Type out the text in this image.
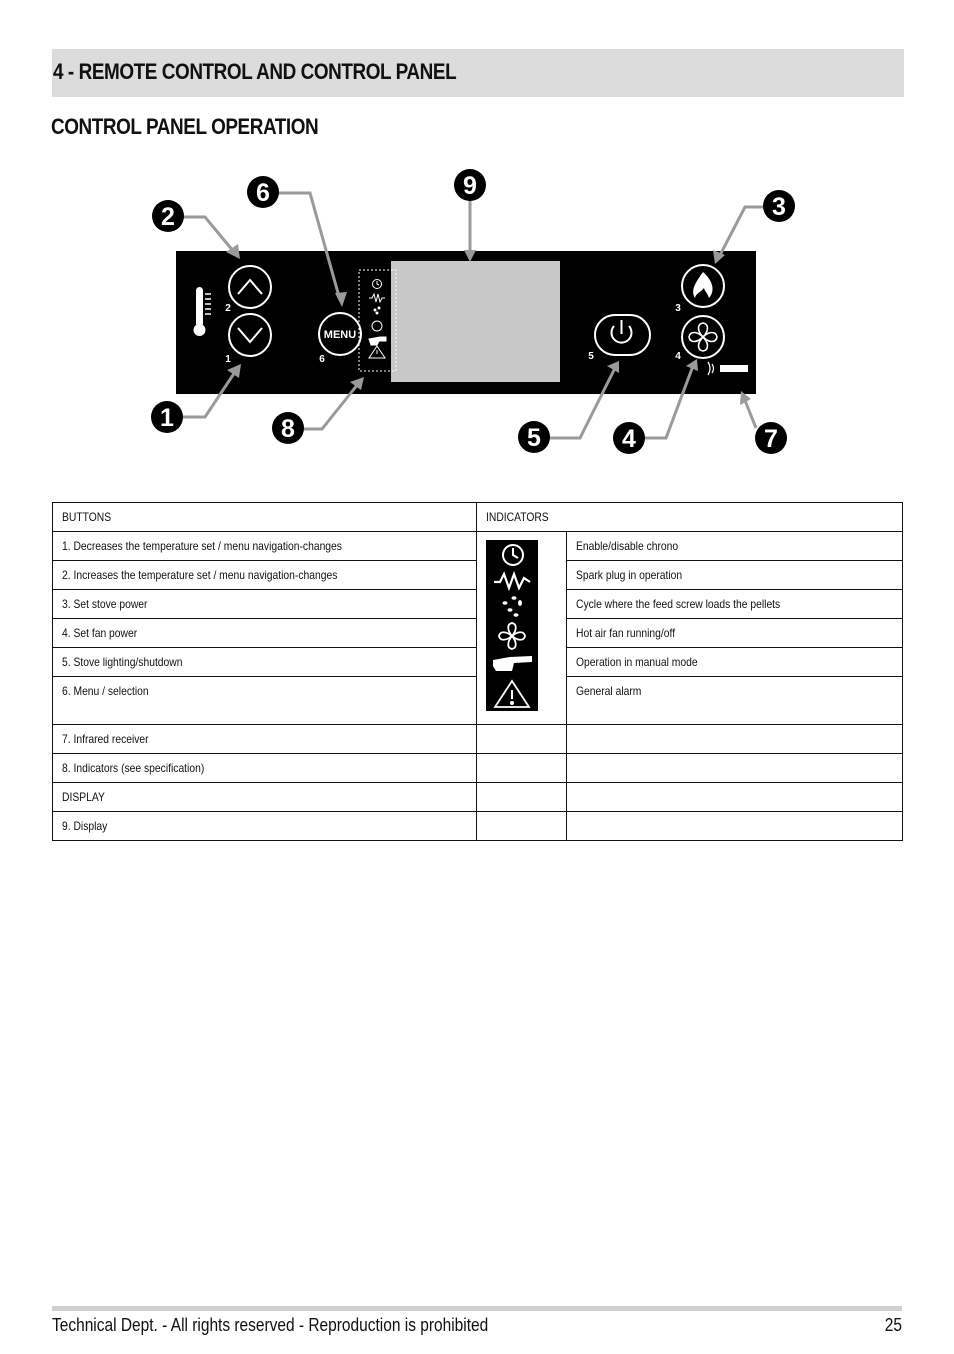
4 - REMOTE CONTROL AND CONTROL PANEL
CONTROL PANEL OPERATION
MENU
2
1	6	5
3
4
1
2	3
4
5
6
7
8
9
BUTTONS	INDICATORS	
1. Decreases the temperature set / menu navigation-changes		Enable/disable chrono
2. Increases the temperature set / menu navigation-changes		Spark plug in operation
3. Set stove power		Cycle where the feed screw loads the pellets
4. Set fan power		Hot air fan running/off
5. Stove lighting/shutdown		Operation in manual mode
6. Menu / selection		General alarm
7. Infrared receiver		
8. Indicators (see specification)		
DISPLAY		
9. Display		
Technical Dept. - All rights reserved - Reproduction is prohibited	25
